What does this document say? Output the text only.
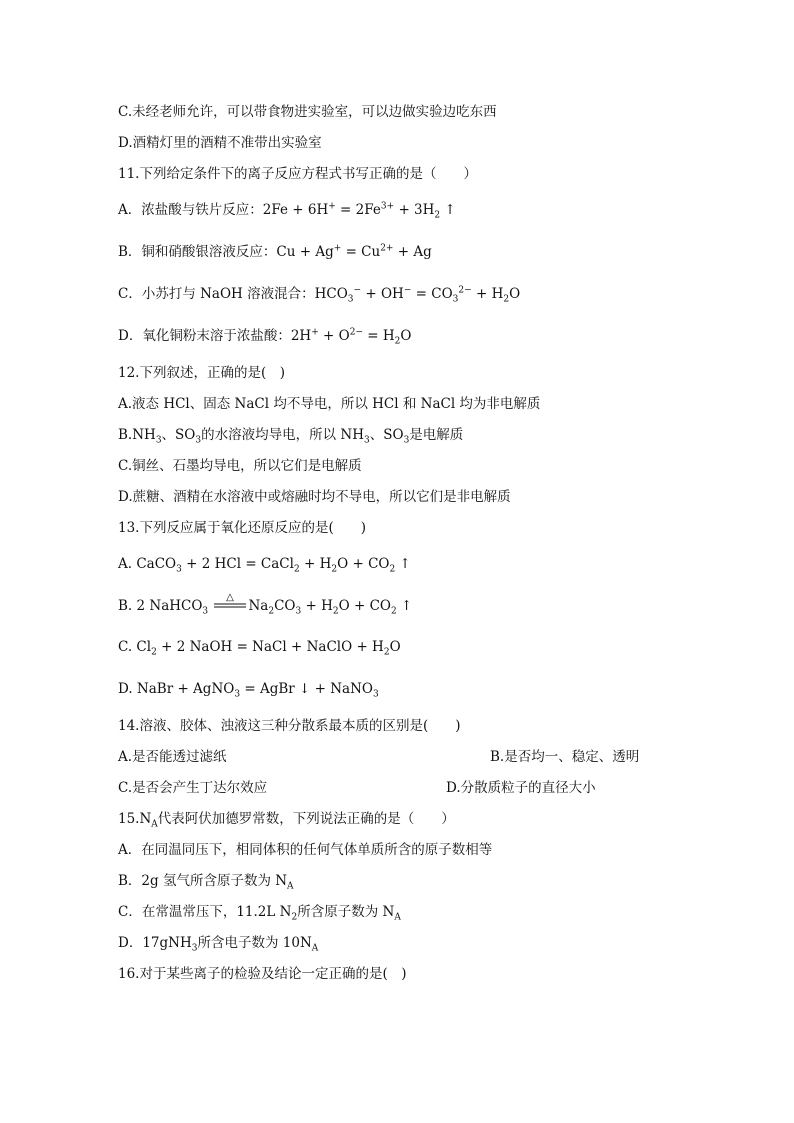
C.未经老师允许，可以带食物进实验室，可以边做实验边吃东西
D.酒精灯里的酒精不准带出实验室
11.下列给定条件下的离子反应方程式书写正确的是（　　）
A．浓盐酸与铁片反应：$2Fe + 6H^+ = 2Fe^{3+} + 3H_2$ ↑
B．铜和硝酸银溶液反应：$Cu + Ag^+ = Cu^{2+} + Ag$
C．小苏打与 NaOH 溶液混合：$HCO_3^- + OH^- = CO_3^{2-} + H_2O$
D．氧化铜粉末溶于浓盐酸：$2H^+ + O^{2-} = H_2O$
12.下列叙述，正确的是(　)
A.液态 HCl、固态 NaCl 均不导电，所以 HCl 和 NaCl 均为非电解质
$B.NH_3$、$SO_3$的水溶液均导电，所以 $NH_3$、$SO_3$是电解质
C.铜丝、石墨均导电，所以它们是电解质
D.蔗糖、酒精在水溶液中或熔融时均不导电，所以它们是非电解质
13.下列反应属于氧化还原反应的是(　　)
A. CaCO$_3$ + 2 HCl = CaCl$_2$ + $H_2O + CO_2$ ↑
B. 2 NaHCO$_3$
△
$Na_2CO_3 + H_2O + CO_2$ ↑
C. $Cl_2 + 2$ NaOH = NaCl + NaClO + $H_2O$
D. NaBr + AgNO$_3$ = AgBr ↓ + NaNO$_3$
14.溶液、胶体、浊液这三种分散系最本质的区别是(　　)
A.是否能透过滤纸	B.是否均一、稳定、透明
C.是否会产生丁达尔效应	D.分散质粒子的直径大小
$15.N_A$代表阿伏加德罗常数，下列说法正确的是（　　）
A．在同温同压下，相同体积的任何气体单质所含的原子数相等
B．2g 氢气所含原子数为 $N_A$
C．在常温常压下，11.2L $N_2$所含原子数为 $N_A$
D．17gNH$_3$所含电子数为 $10N_A$
16.对于某些离子的检验及结论一定正确的是(　)
